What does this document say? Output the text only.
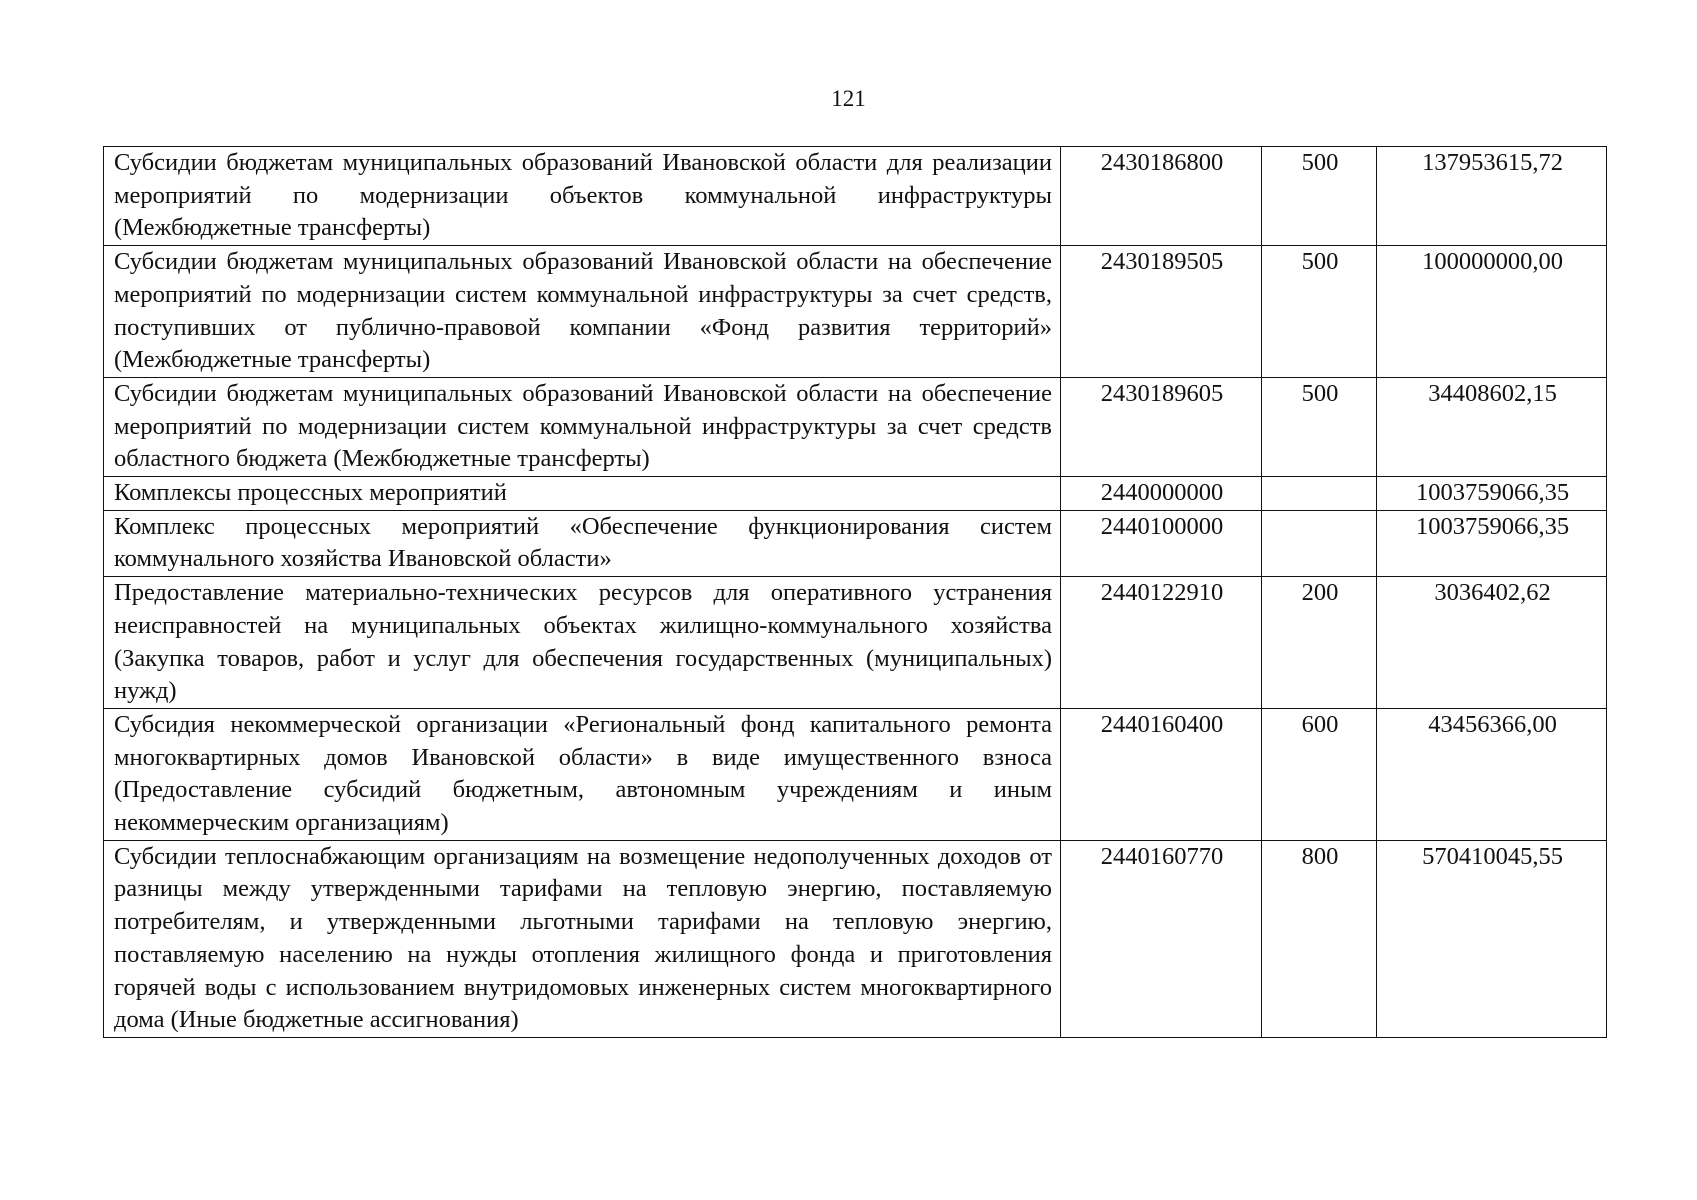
121
Субсидии бюджетам муниципальных образований Ивановской области для реализации мероприятий по модернизации объектов коммунальной инфраструктуры (Межбюджетные трансферты)	2430186800	500	137953615,72
Субсидии бюджетам муниципальных образований Ивановской области на обеспечение мероприятий по модернизации систем коммунальной инфраструктуры за счет средств, поступивших от публично-правовой компании «Фонд развития территорий» (Межбюджетные трансферты)	2430189505	500	100000000,00
Субсидии бюджетам муниципальных образований Ивановской области на обеспечение мероприятий по модернизации систем коммунальной инфраструктуры за счет средств областного бюджета (Межбюджетные трансферты)	2430189605	500	34408602,15
Комплексы процессных мероприятий	2440000000		1003759066,35
Комплекс процессных мероприятий «Обеспечение функционирования систем коммунального хозяйства Ивановской области»	2440100000		1003759066,35
Предоставление материально-технических ресурсов для оперативного устранения неисправностей на муниципальных объектах жилищно-коммунального хозяйства (Закупка товаров, работ и услуг для обеспечения государственных (муниципальных) нужд)	2440122910	200	3036402,62
Субсидия некоммерческой организации «Региональный фонд капитального ремонта многоквартирных домов Ивановской области» в виде имущественного взноса (Предоставление субсидий бюджетным, автономным учреждениям и иным некоммерческим организациям)	2440160400	600	43456366,00
Субсидии теплоснабжающим организациям на возмещение недополученных доходов от разницы между утвержденными тарифами на тепловую энергию, поставляемую потребителям, и утвержденными льготными тарифами на тепловую энергию, поставляемую населению на нужды отопления жилищного фонда и приготовления горячей воды с использованием внутридомовых инженерных систем многоквартирного дома (Иные бюджетные ассигнования)	2440160770	800	570410045,55
